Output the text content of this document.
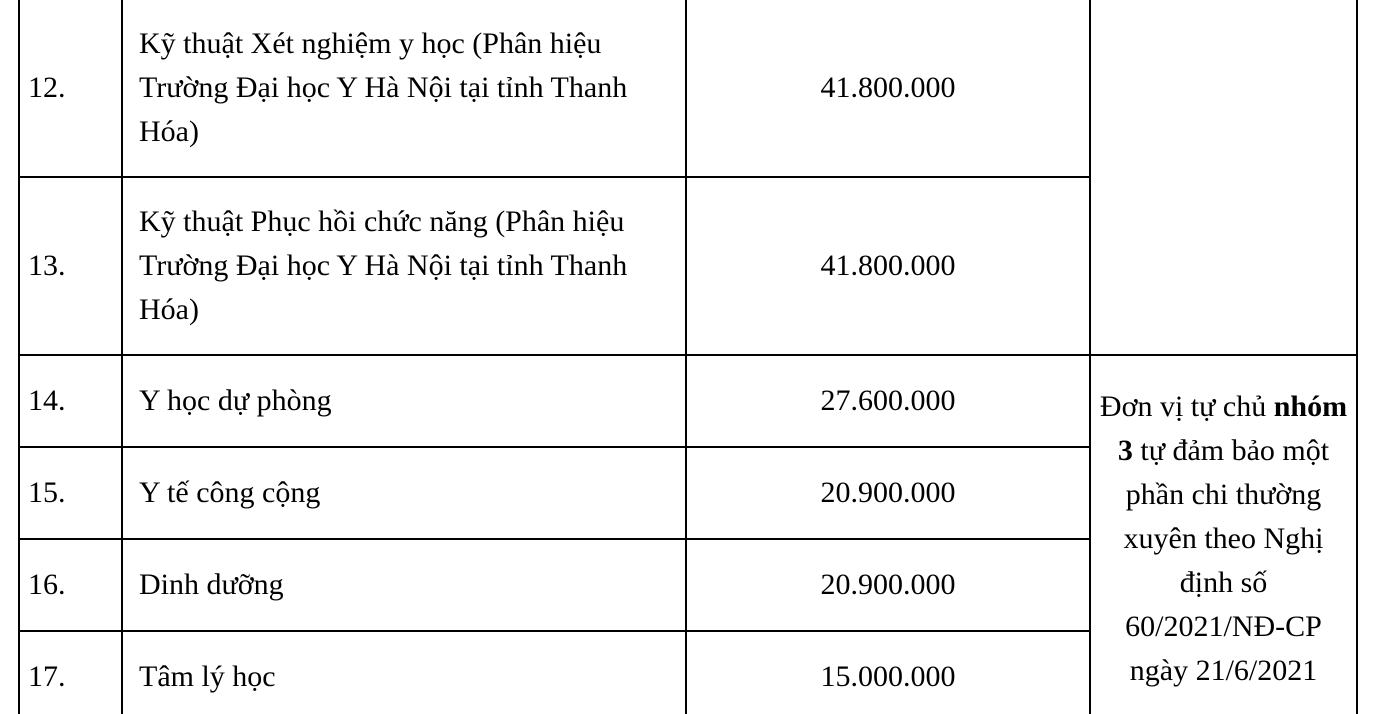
12.	Kỹ thuật Xét nghiệm y học (Phân hiệu Trường Đại học Y Hà Nội tại tỉnh Thanh Hóa)	41.800.000	
13.	Kỹ thuật Phục hồi chức năng (Phân hiệu Trường Đại học Y Hà Nội tại tỉnh Thanh Hóa)	41.800.000	
14.	Y học dự phòng	27.600.000	Đơn vị tự chủ nhóm 3 tự đảm bảo một phần chi thường xuyên theo Nghị định số 60/2021/NĐ-CP ngày 21/6/2021
15.	Y tế công cộng	20.900.000	
16.	Dinh dưỡng	20.900.000	
17.	Tâm lý học	15.000.000	
